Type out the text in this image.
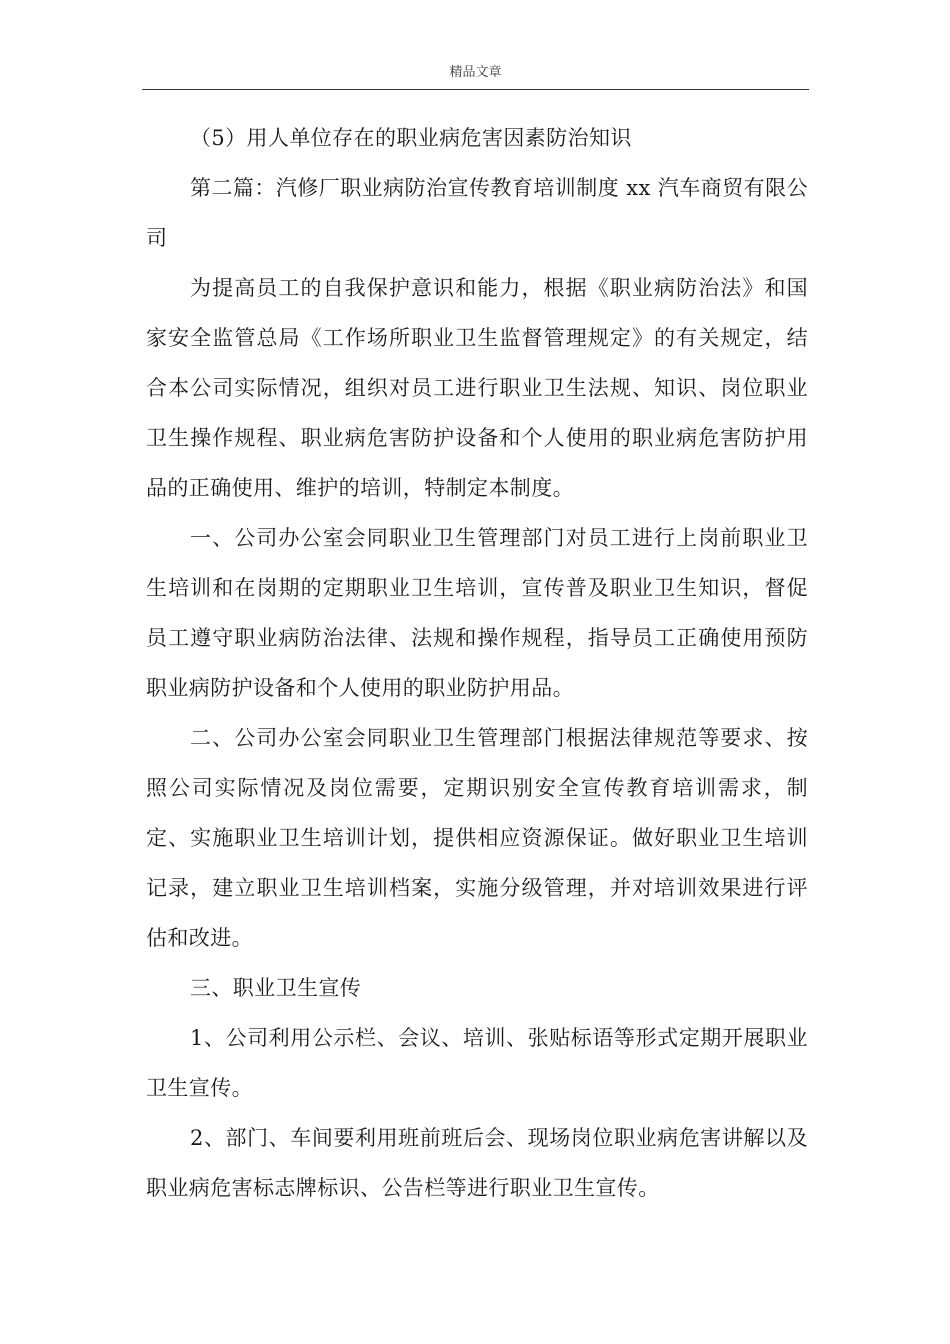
精品文章

（5）用人单位存在的职业病危害因素防治知识

第二篇：汽修厂职业病防治宣传教育培训制度 xx 汽车商贸有限公司

为提高员工的自我保护意识和能力，根据《职业病防治法》和国家安全监管总局《工作场所职业卫生监督管理规定》的有关规定，结合本公司实际情况，组织对员工进行职业卫生法规、知识、岗位职业卫生操作规程、职业病危害防护设备和个人使用的职业病危害防护用品的正确使用、维护的培训，特制定本制度。

一、公司办公室会同职业卫生管理部门对员工进行上岗前职业卫生培训和在岗期的定期职业卫生培训，宣传普及职业卫生知识，督促员工遵守职业病防治法律、法规和操作规程，指导员工正确使用预防职业病防护设备和个人使用的职业防护用品。

二、公司办公室会同职业卫生管理部门根据法律规范等要求、按照公司实际情况及岗位需要，定期识别安全宣传教育培训需求，制定、实施职业卫生培训计划，提供相应资源保证。做好职业卫生培训记录，建立职业卫生培训档案，实施分级管理，并对培训效果进行评估和改进。

三、职业卫生宣传

1、公司利用公示栏、会议、培训、张贴标语等形式定期开展职业卫生宣传。

2、部门、车间要利用班前班后会、现场岗位职业病危害讲解以及职业病危害标志牌标识、公告栏等进行职业卫生宣传。
